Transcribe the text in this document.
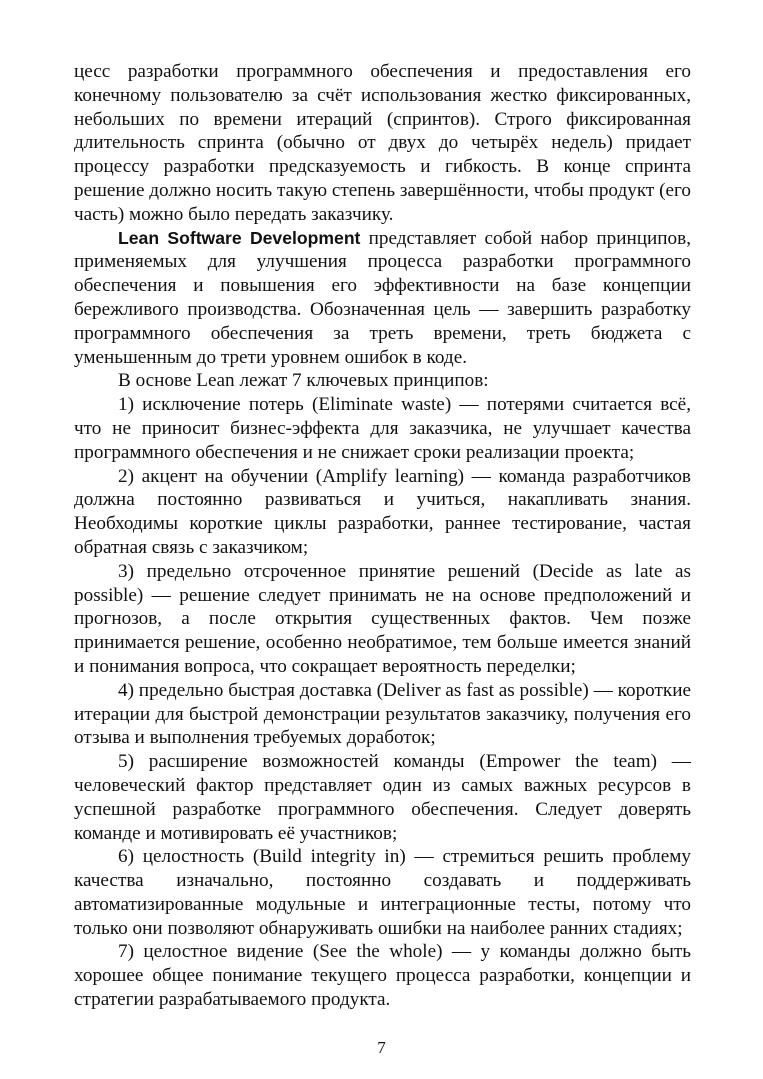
цесс разработки программного обеспечения и предоставления его конечному пользователю за счёт использования жестко фиксированных, небольших по времени итераций (спринтов). Строго фиксированная длительность спринта (обычно от двух до четырёх недель) придает процессу разработки предсказуемость и гибкость. В конце спринта решение должно носить такую степень завершённости, чтобы продукт (его часть) можно было передать заказчику.

Lean Software Development представляет собой набор принципов, применяемых для улучшения процесса разработки программного обеспечения и повышения его эффективности на базе концепции бережливого производства. Обозначенная цель — завершить разработку программного обеспечения за треть времени, треть бюджета с уменьшенным до трети уровнем ошибок в коде.

В основе Lean лежат 7 ключевых принципов:

1) исключение потерь (Eliminate waste) — потерями считается всё, что не приносит бизнес-эффекта для заказчика, не улучшает качества программного обеспечения и не снижает сроки реализации проекта;

2) акцент на обучении (Amplify learning) — команда разработчиков должна постоянно развиваться и учиться, накапливать знания. Необходимы короткие циклы разработки, раннее тестирование, частая обратная связь с заказчиком;

3) предельно отсроченное принятие решений (Decide as late as possible) — решение следует принимать не на основе предположений и прогнозов, а после открытия существенных фактов. Чем позже принимается решение, особенно необратимое, тем больше имеется знаний и понимания вопроса, что сокращает вероятность переделки;

4) предельно быстрая доставка (Deliver as fast as possible) — короткие итерации для быстрой демонстрации результатов заказчику, получения его отзыва и выполнения требуемых доработок;

5) расширение возможностей команды (Empower the team) — человеческий фактор представляет один из самых важных ресурсов в успешной разработке программного обеспечения. Следует доверять команде и мотивировать её участников;

6) целостность (Build integrity in) — стремиться решить проблему качества изначально, постоянно создавать и поддерживать автоматизированные модульные и интеграционные тесты, потому что только они позволяют обнаруживать ошибки на наиболее ранних стадиях;

7) целостное видение (See the whole) — у команды должно быть хорошее общее понимание текущего процесса разработки, концепции и стратегии разрабатываемого продукта.

7
